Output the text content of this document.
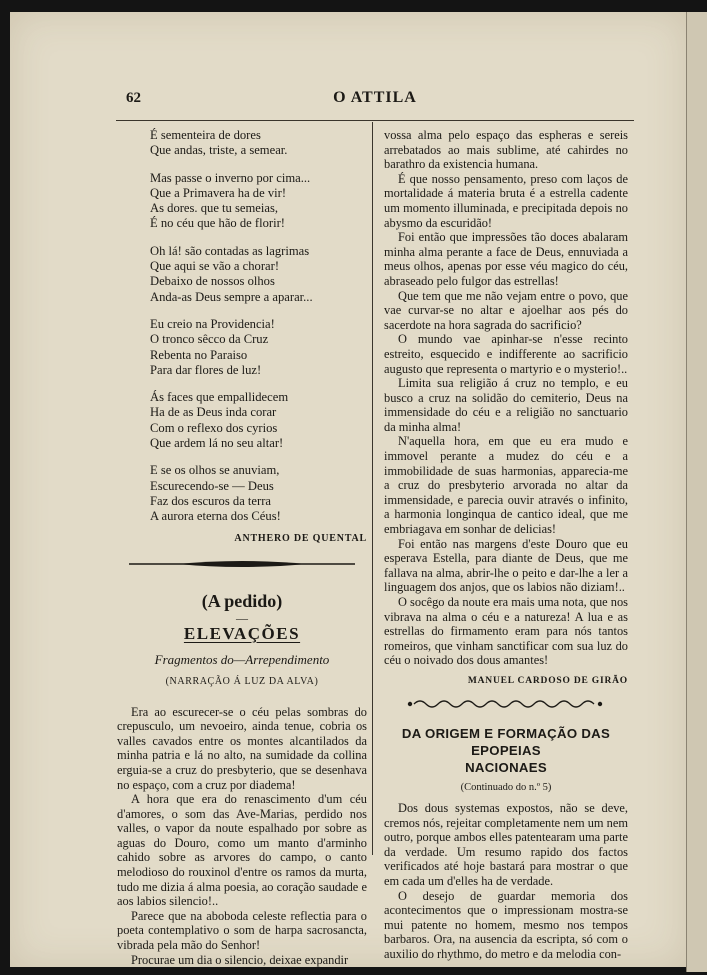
62	O ATTILA
É sementeira de dores
Que andas, triste, a semear.
Mas passe o inverno por cima...
Que a Primavera ha de vir!
As dores. que tu semeias,
É no céu que hão de florir!
Oh lá! são contadas as lagrimas
Que aqui se vão a chorar!
Debaixo de nossos olhos
Anda-as Deus sempre a aparar...
Eu creio na Providencia!
O tronco sêcco da Cruz
Rebenta no Paraiso
Para dar flores de luz!
Ás faces que empallidecem
Ha de as Deus inda corar
Com o reflexo dos cyrios
Que ardem lá no seu altar!
E se os olhos se anuviam,
Escurecendo-se — Deus
Faz dos escuros da terra
A aurora eterna dos Céus!
ANTHERO DE QUENTAL
(A pedido)
—
ELEVAÇÕES
Fragmentos do—Arrependimento
(NARRAÇÃO Á LUZ DA ALVA)

Era ao escurecer-se o céu pelas sombras do crepusculo, um nevoeiro, ainda tenue, cobria os valles cavados entre os montes alcantilados da minha patria e lá no alto, na sumidade da collina erguia-se a cruz do presbyterio, que se desenhava no espaço, com a cruz por diadema!

A hora que era do renascimento d'um céu d'amores, o som das Ave-Marias, perdido nos valles, o vapor da noute espalhado por sobre as aguas do Douro, como um manto d'arminho cahido sobre as arvores do campo, o canto melodioso do rouxinol d'entre os ramos da murta, tudo me dizia á alma poesia, ao coração saudade e aos labios silencio!..

Parece que na aboboda celeste reflectia para o poeta contemplativo o som de harpa sacrosancta, vibrada pela mão do Senhor!

Procurae um dia o silencio, deixae expandir

vossa alma pelo espaço das espheras e sereis arrebatados ao mais sublime, até cahirdes no barathro da existencia humana.

É que nosso pensamento, preso com laços de mortalidade á materia bruta é a estrella cadente um momento illuminada, e precipitada depois no abysmo da escuridão!

Foi então que impressões tão doces abalaram minha alma perante a face de Deus, ennuviada a meus olhos, apenas por esse véu magico do céu, abraseado pelo fulgor das estrellas!

Que tem que me não vejam entre o povo, que vae curvar-se no altar e ajoelhar aos pés do sacerdote na hora sagrada do sacrificio?

O mundo vae apinhar-se n'esse recinto estreito, esquecido e indifferente ao sacrificio augusto que representa o martyrio e o mysterio!..

Limita sua religião á cruz no templo, e eu busco a cruz na solidão do cemiterio, Deus na immensidade do céu e a religião no sanctuario da minha alma!

N'aquella hora, em que eu era mudo e immovel perante a mudez do céu e a immobilidade de suas harmonias, apparecia-me a cruz do presbyterio arvorada no altar da immensidade, e parecia ouvir através o infinito, a harmonia longinqua de cantico ideal, que me embriagava em sonhar de delicias!

Foi então nas margens d'este Douro que eu esperava Estella, para diante de Deus, que me fallava na alma, abrir-lhe o peito e dar-lhe a ler a linguagem dos anjos, que os labios não diziam!..

O socêgo da noute era mais uma nota, que nos vibrava na alma o céu e a natureza! A lua e as estrellas do firmamento eram para nós tantos romeiros, que vinham sanctificar com sua luz do céu o noivado dos dous amantes!

MANUEL CARDOSO DE GIRÃO
DA ORIGEM E FORMAÇÃO DAS EPOPEIAS
NACIONAES
(Continuado do n.º 5)

Dos dous systemas expostos, não se deve, cremos nós, rejeitar completamente nem um nem outro, porque ambos elles patentearam uma parte da verdade. Um resumo rapido dos factos verificados até hoje bastará para mostrar o que em cada um d'elles ha de verdade.

O desejo de guardar memoria dos acontecimentos que o impressionam mostra-se mui patente no homem, mesmo nos tempos barbaros. Ora, na ausencia da escripta, só com o auxilio do rhythmo, do metro e da melodia con-
